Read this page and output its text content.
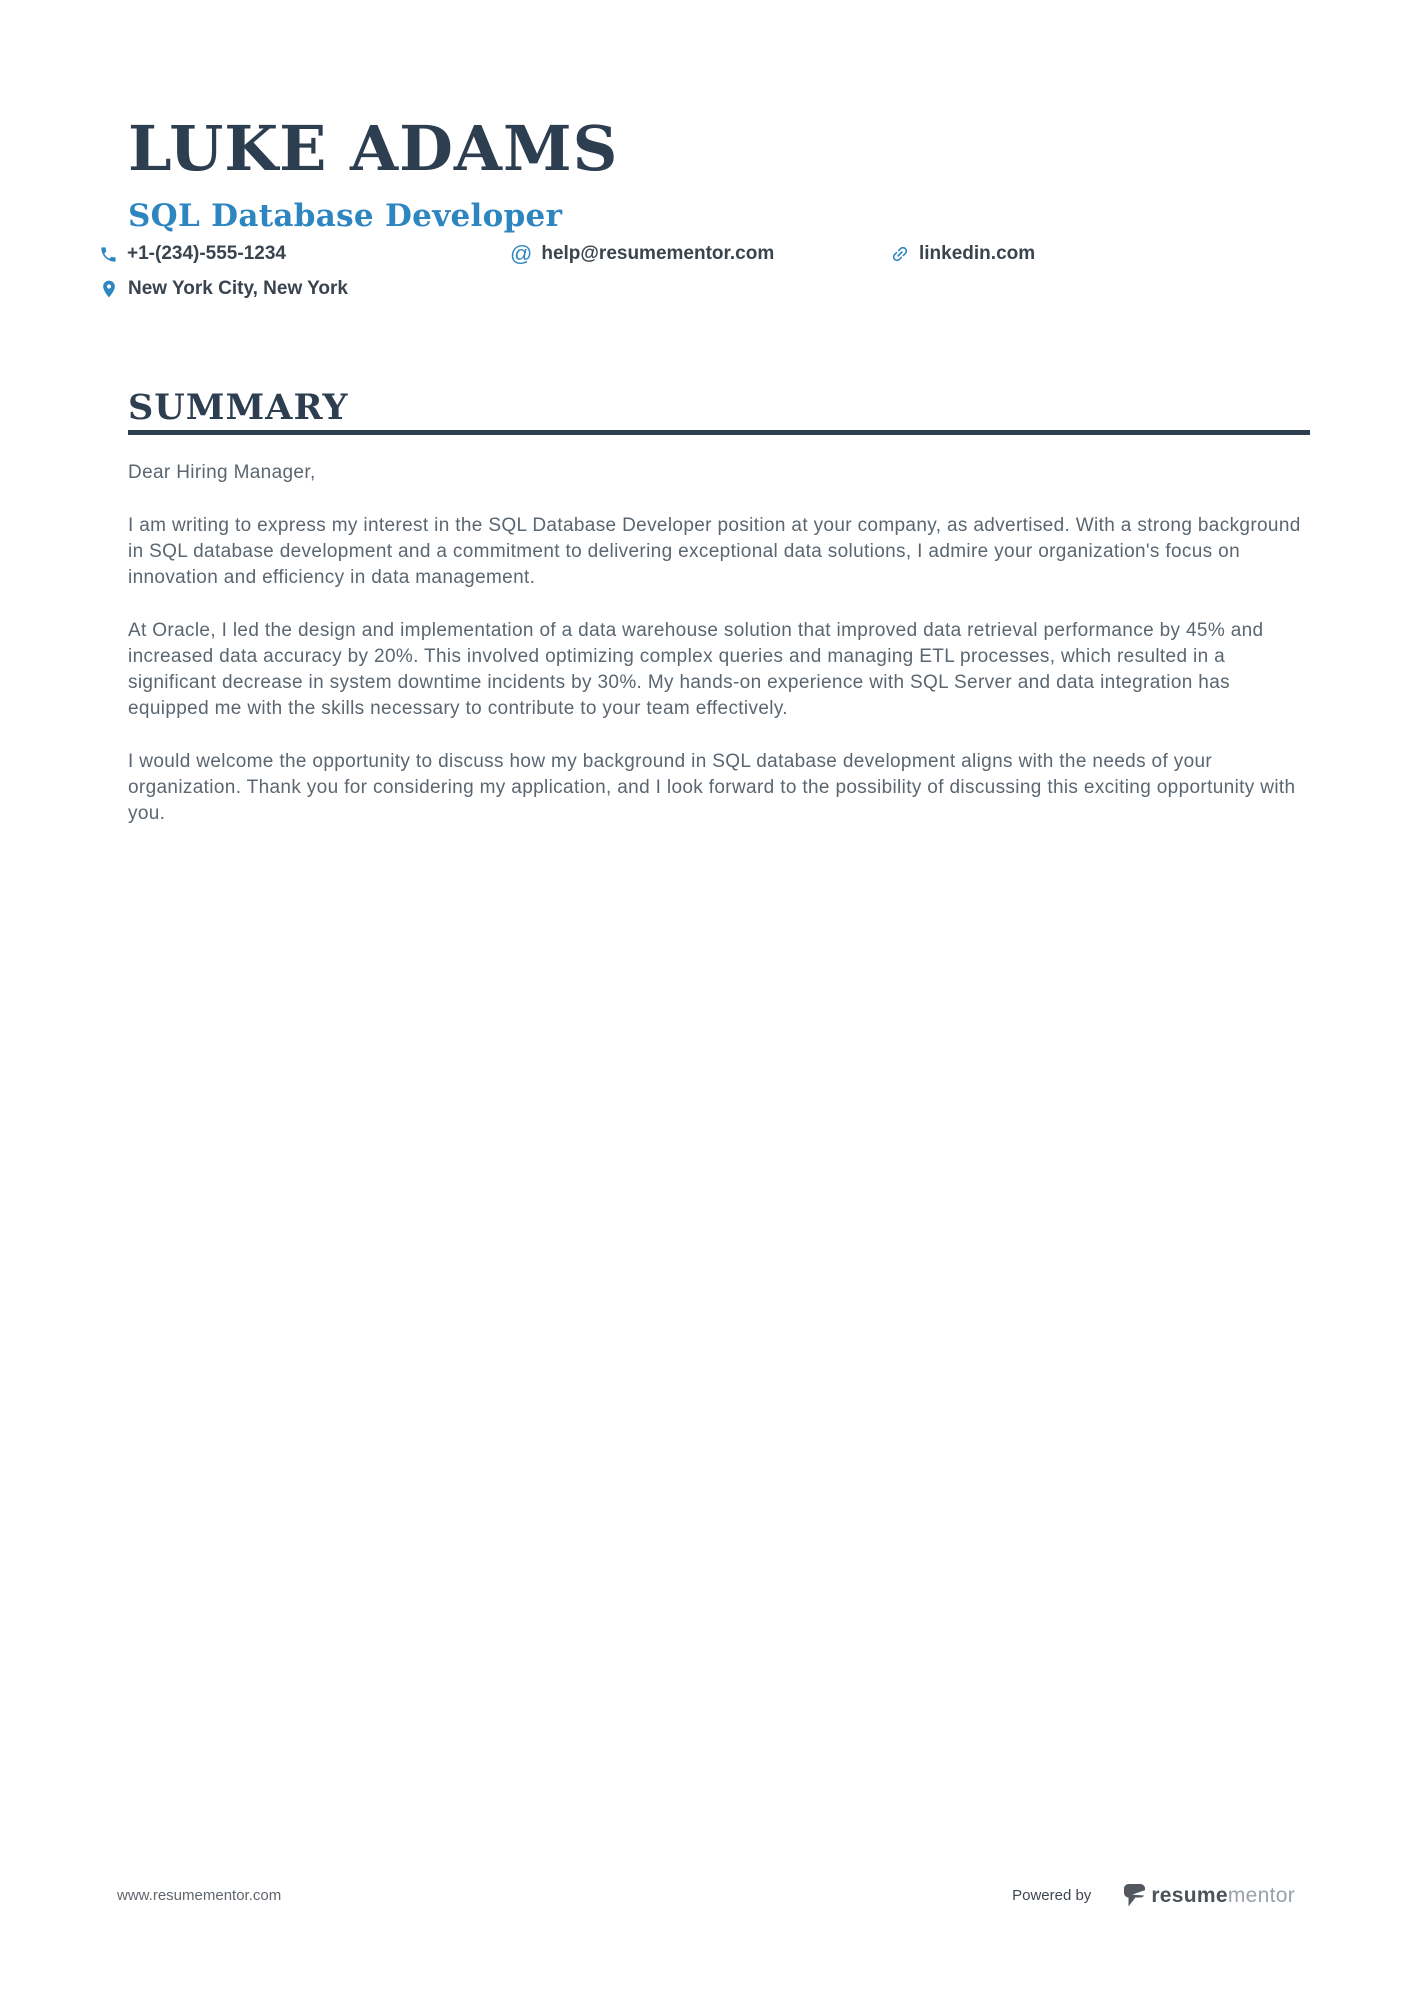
LUKE ADAMS
SQL Database Developer
+1-(234)-555-1234	@ help@resumementor.com	linkedin.com
New York City, New York
SUMMARY

Dear Hiring Manager,

I am writing to express my interest in the SQL Database Developer position at your company, as advertised. With a strong background in SQL database development and a commitment to delivering exceptional data solutions, I admire your organization's focus on innovation and efficiency in data management.

At Oracle, I led the design and implementation of a data warehouse solution that improved data retrieval performance by 45% and increased data accuracy by 20%. This involved optimizing complex queries and managing ETL processes, which resulted in a significant decrease in system downtime incidents by 30%. My hands-on experience with SQL Server and data integration has equipped me with the skills necessary to contribute to your team effectively.

I would welcome the opportunity to discuss how my background in SQL database development aligns with the needs of your organization. Thank you for considering my application, and I look forward to the possibility of discussing this exciting opportunity with you.

www.resumementor.com	Powered by	resumementor
